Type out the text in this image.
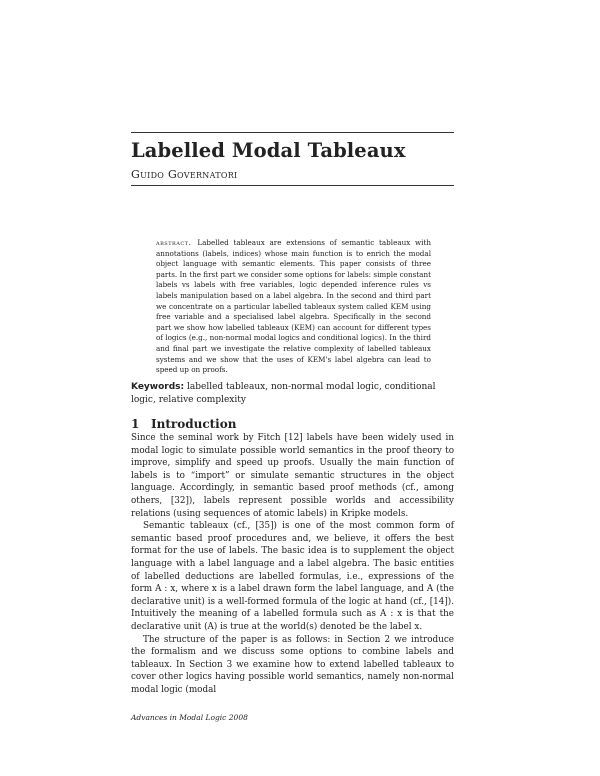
Labelled Modal Tableaux
Guido Governatori
abstract. Labelled tableaux are extensions of semantic tableaux with annotations (labels, indices) whose main function is to enrich the modal object language with semantic elements. This paper consists of three parts. In the first part we consider some options for labels: simple constant labels vs labels with free variables, logic depended inference rules vs labels manipulation based on a label algebra. In the second and third part we concentrate on a particular labelled tableaux system called KEM using free variable and a specialised label algebra. Specifically in the second part we show how labelled tableaux (KEM) can account for different types of logics (e.g., non-normal modal logics and conditional logics). In the third and final part we investigate the relative complexity of labelled tableaux systems and we show that the uses of KEM's label algebra can lead to speed up on proofs.
Keywords: labelled tableaux, non-normal modal logic, conditional logic, relative complexity
1 Introduction

Since the seminal work by Fitch [12] labels have been widely used in modal logic to simulate possible world semantics in the proof theory to improve, simplify and speed up proofs. Usually the main function of labels is to “import” or simulate semantic structures in the object language. Accordingly, in semantic based proof methods (cf., among others, [32]), labels represent possible worlds and accessibility relations (using sequences of atomic labels) in Kripke models.

Semantic tableaux (cf., [35]) is one of the most common form of semantic based proof procedures and, we believe, it offers the best format for the use of labels. The basic idea is to supplement the object language with a label language and a label algebra. The basic entities of labelled deductions are labelled formulas, i.e., expressions of the form A : x, where x is a label drawn form the label language, and A (the declarative unit) is a well-formed formula of the logic at hand (cf., [14]). Intuitively the meaning of a labelled formula such as A : x is that the declarative unit (A) is true at the world(s) denoted be the label x.

The structure of the paper is as follows: in Section 2 we introduce the formalism and we discuss some options to combine labels and tableaux. In Section 3 we examine how to extend labelled tableaux to cover other logics having possible world semantics, namely non-normal modal logic (modal

Advances in Modal Logic 2008
